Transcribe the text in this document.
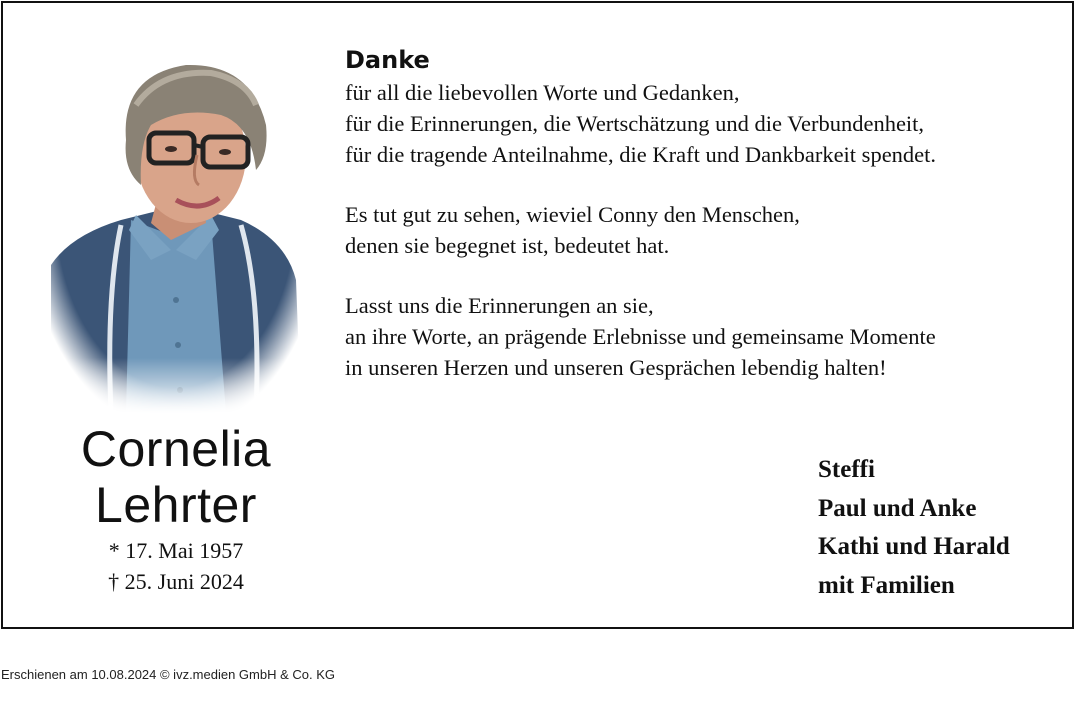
Cornelia
Lehrter
* 17. Mai 1957
† 25. Juni 2024
Danke
für all die liebevollen Worte und Gedanken,
für die Erinnerungen, die Wertschätzung und die Verbundenheit,
für die tragende Anteilnahme, die Kraft und Dankbarkeit spendet.
Es tut gut zu sehen, wieviel Conny den Menschen,
denen sie begegnet ist, bedeutet hat.
Lasst uns die Erinnerungen an sie,
an ihre Worte, an prägende Erlebnisse und gemeinsame Momente
in unseren Herzen und unseren Gesprächen lebendig halten!
Steffi
Paul und Anke
Kathi und Harald
mit Familien
Erschienen am 10.08.2024 © ivz.medien GmbH & Co. KG
